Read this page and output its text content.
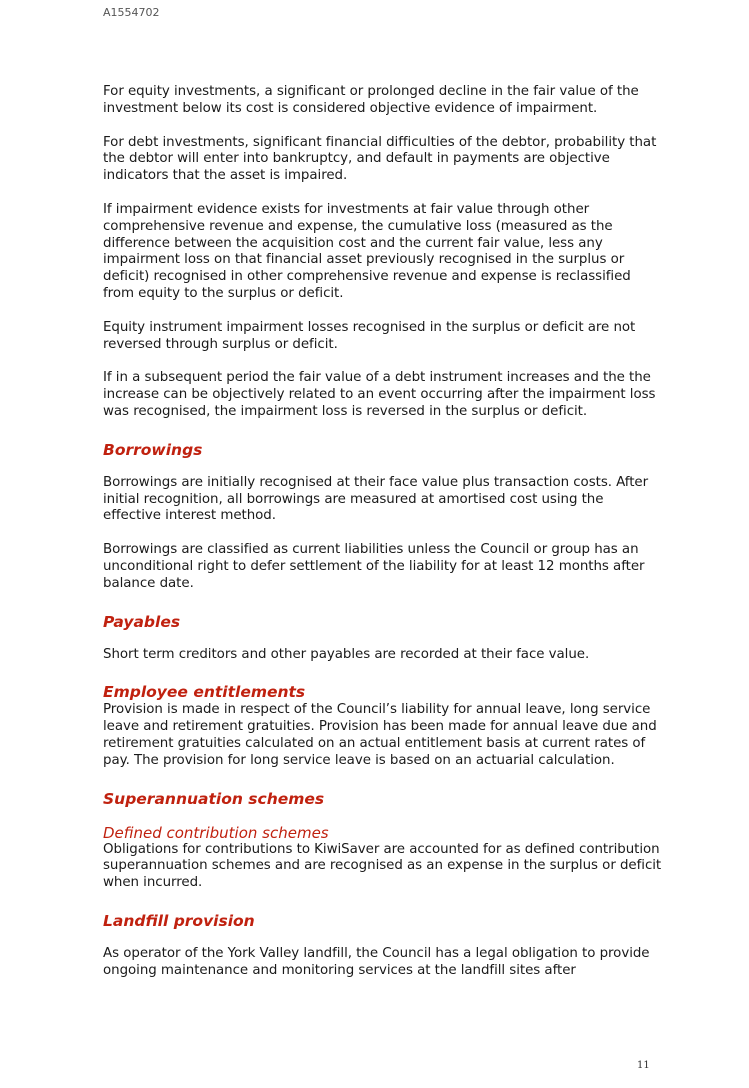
A1554702

For equity investments, a significant or prolonged decline in the fair value of the investment below its cost is considered objective evidence of impairment.

For debt investments, significant financial difficulties of the debtor, probability that the debtor will enter into bankruptcy, and default in payments are objective indicators that the asset is impaired.

If impairment evidence exists for investments at fair value through other comprehensive revenue and expense, the cumulative loss (measured as the difference between the acquisition cost and the current fair value, less any impairment loss on that financial asset previously recognised in the surplus or deficit) recognised in other comprehensive revenue and expense is reclassified from equity to the surplus or deficit.

Equity instrument impairment losses recognised in the surplus or deficit are not reversed through surplus or deficit.

If in a subsequent period the fair value of a debt instrument increases and the the increase can be objectively related to an event occurring after the impairment loss was recognised, the impairment loss is reversed in the surplus or deficit.

Borrowings

Borrowings are initially recognised at their face value plus transaction costs. After initial recognition, all borrowings are measured at amortised cost using the effective interest method.

Borrowings are classified as current liabilities unless the Council or group has an unconditional right to defer settlement of the liability for at least 12 months after balance date.

Payables

Short term creditors and other payables are recorded at their face value.

Employee entitlements

Provision is made in respect of the Council’s liability for annual leave, long service leave and retirement gratuities. Provision has been made for annual leave due and retirement gratuities calculated on an actual entitlement basis at current rates of pay. The provision for long service leave is based on an actuarial calculation.

Superannuation schemes
Defined contribution schemes

Obligations for contributions to KiwiSaver are accounted for as defined contribution superannuation schemes and are recognised as an expense in the surplus or deficit when incurred.

Landfill provision

As operator of the York Valley landfill, the Council has a legal obligation to provide ongoing maintenance and monitoring services at the landfill sites after

11
